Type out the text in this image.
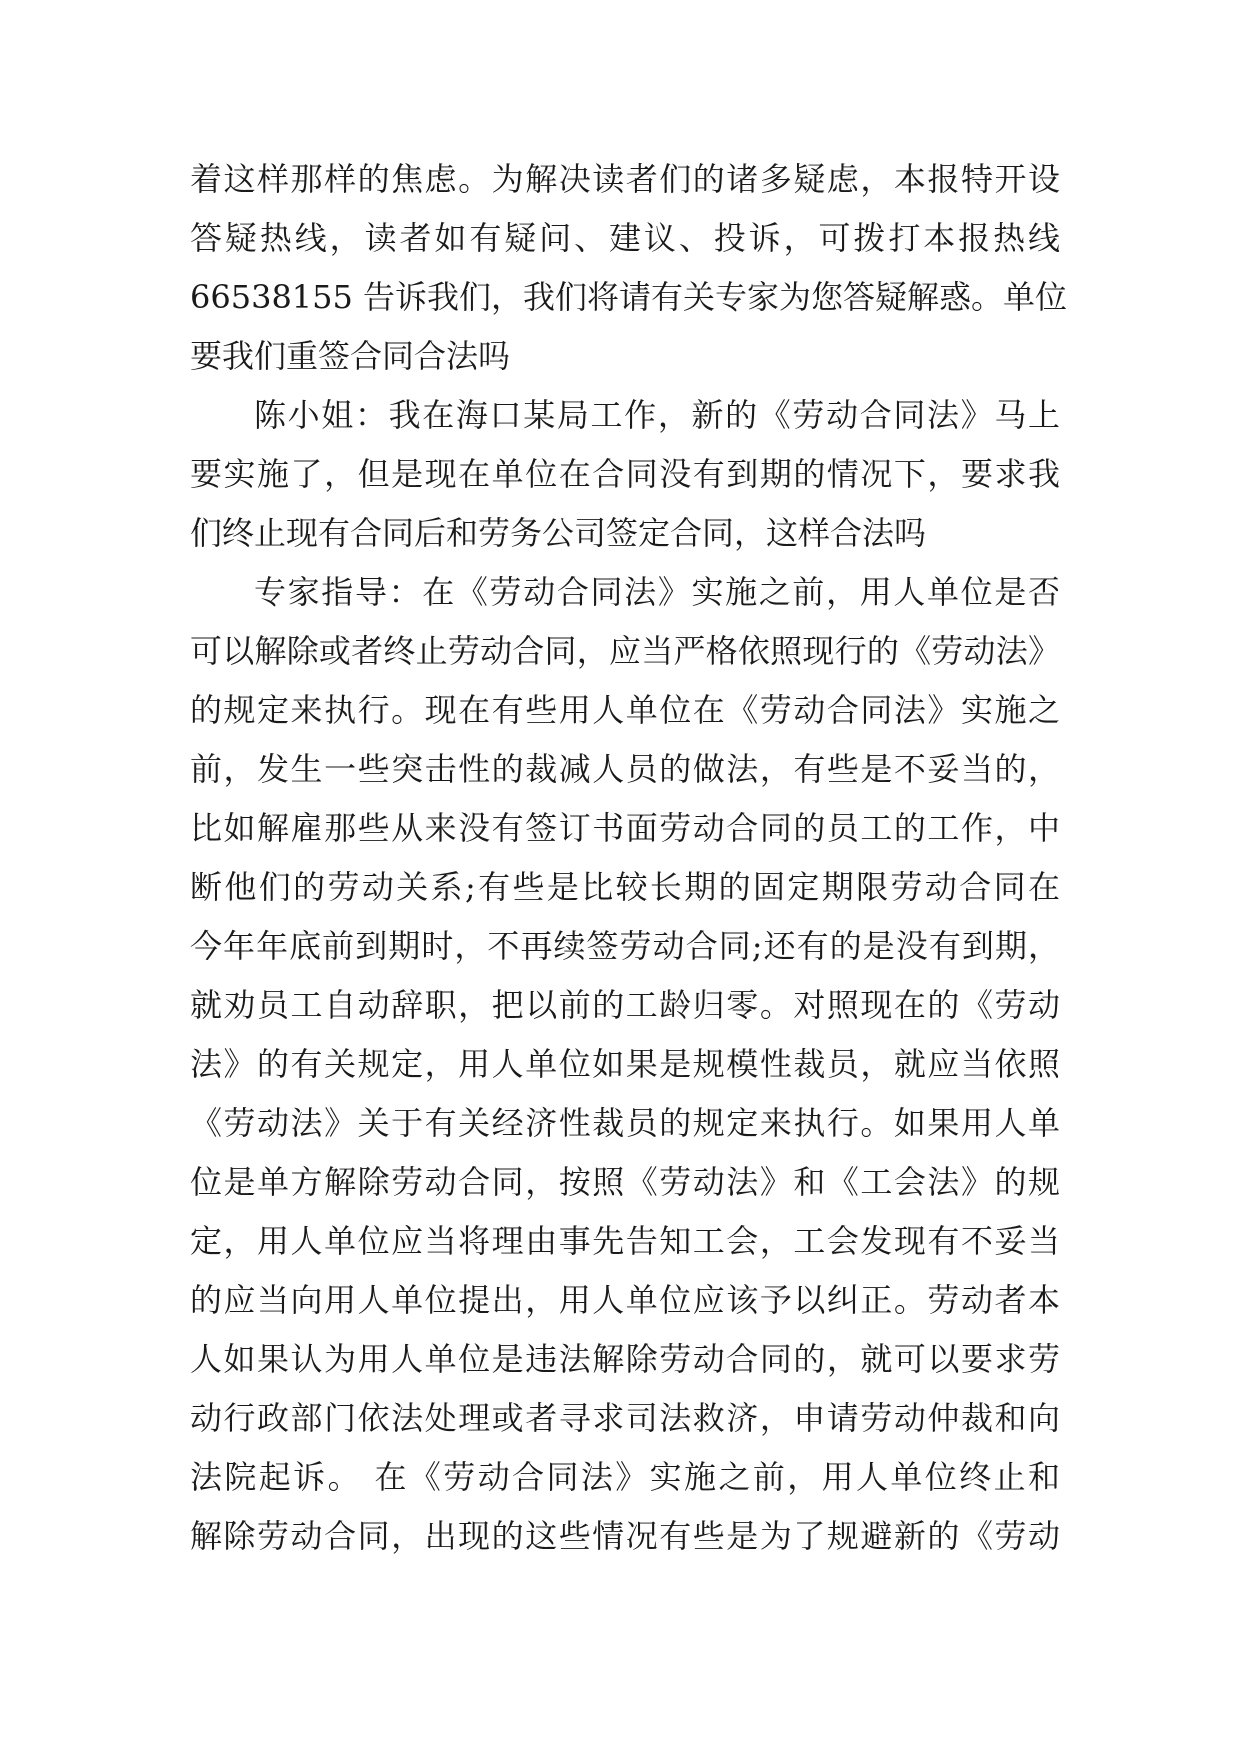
着这样那样的焦虑。为解决读者们的诸多疑虑，本报特开设
答疑热线，读者如有疑问、建议、投诉，可拨打本报热线
66538155 告诉我们，我们将请有关专家为您答疑解惑。单位
要我们重签合同合法吗
陈小姐：我在海口某局工作，新的《劳动合同法》马上
要实施了，但是现在单位在合同没有到期的情况下，要求我
们终止现有合同后和劳务公司签定合同，这样合法吗
专家指导：在《劳动合同法》实施之前，用人单位是否
可以解除或者终止劳动合同，应当严格依照现行的《劳动法》
的规定来执行。现在有些用人单位在《劳动合同法》实施之
前，发生一些突击性的裁减人员的做法，有些是不妥当的，
比如解雇那些从来没有签订书面劳动合同的员工的工作，中
断他们的劳动关系;有些是比较长期的固定期限劳动合同在
今年年底前到期时，不再续签劳动合同;还有的是没有到期，
就劝员工自动辞职，把以前的工龄归零。对照现在的《劳动
法》的有关规定，用人单位如果是规模性裁员，就应当依照
《劳动法》关于有关经济性裁员的规定来执行。如果用人单
位是单方解除劳动合同，按照《劳动法》和《工会法》的规
定，用人单位应当将理由事先告知工会，工会发现有不妥当
的应当向用人单位提出，用人单位应该予以纠正。劳动者本
人如果认为用人单位是违法解除劳动合同的，就可以要求劳
动行政部门依法处理或者寻求司法救济，申请劳动仲裁和向
法院起诉。 在《劳动合同法》实施之前，用人单位终止和
解除劳动合同，出现的这些情况有些是为了规避新的《劳动
